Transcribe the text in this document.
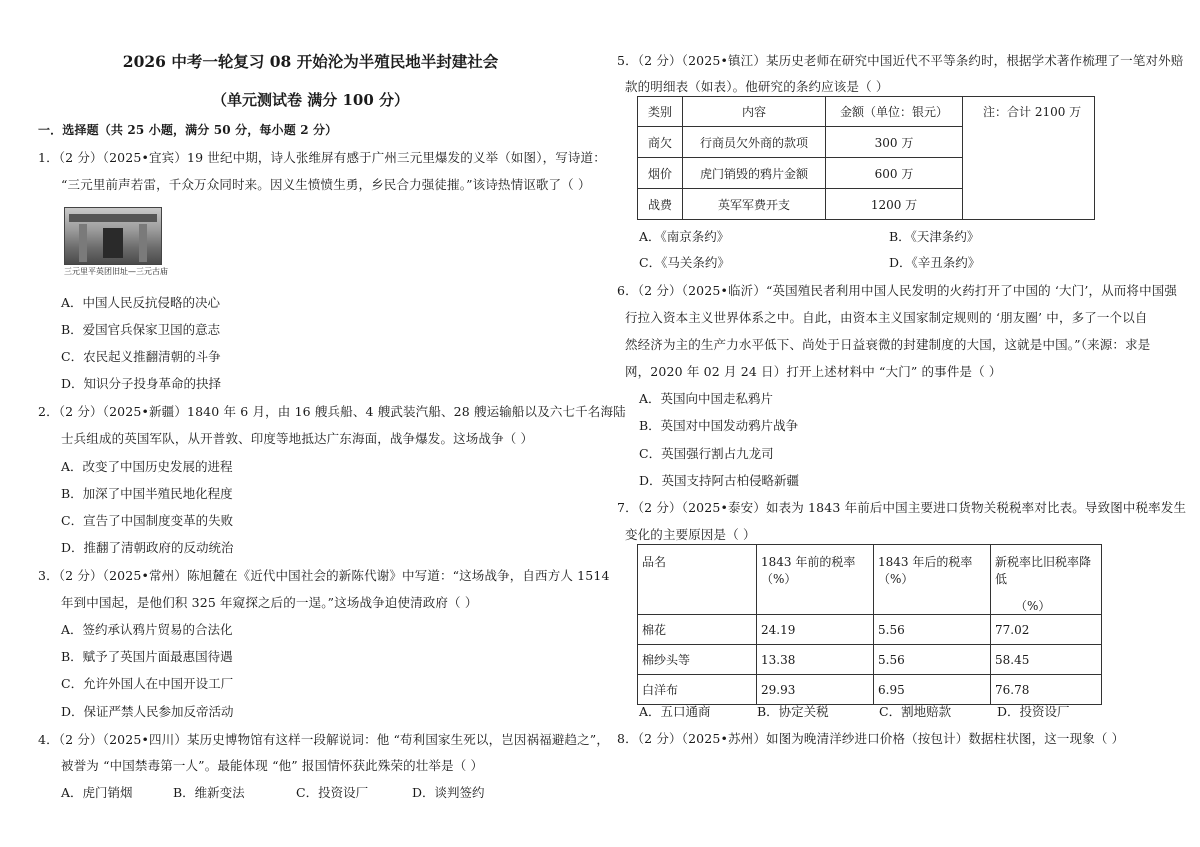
2026 中考一轮复习 08 开始沦为半殖民地半封建社会
（单元测试卷 满分 100 分）
一．选择题（共 25 小题，满分 50 分，每小题 2 分）
1．（2 分）（2025•宜宾）19 世纪中期，诗人张维屏有感于广州三元里爆发的义举（如图），写诗道：
“三元里前声若雷，千众万众同时来。因义生愤愤生勇，乡民合力强徒摧。”该诗热情讴歌了（ ）
三元里平英团旧址—三元古庙
A．中国人民反抗侵略的决心
B．爱国官兵保家卫国的意志
C．农民起义推翻清朝的斗争
D．知识分子投身革命的抉择
2．（2 分）（2025•新疆）1840 年 6 月，由 16 艘兵船、4 艘武装汽船、28 艘运输船以及六七千名海陆
士兵组成的英国军队，从开普敦、印度等地抵达广东海面，战争爆发。这场战争（ ）
A．改变了中国历史发展的进程
B．加深了中国半殖民地化程度
C．宣告了中国制度变革的失败
D．推翻了清朝政府的反动统治
3．（2 分）（2025•常州）陈旭麓在《近代中国社会的新陈代谢》中写道：“这场战争，自西方人 1514
年到中国起，是他们积 325 年窥探之后的一逞。”这场战争迫使清政府（ ）
A．签约承认鸦片贸易的合法化
B．赋予了英国片面最惠国待遇
C．允许外国人在中国开设工厂
D．保证严禁人民参加反帝活动
4．（2 分）（2025•四川）某历史博物馆有这样一段解说词：他 “苟利国家生死以，岂因祸福避趋之”，
被誉为 “中国禁毒第一人”。最能体现 “他” 报国情怀获此殊荣的壮举是（ ）
A．虎门销烟	B．维新变法	C．投资设厂	D．谈判签约
5．（2 分）（2025•镇江）某历史老师在研究中国近代不平等条约时，根据学术著作梳理了一笔对外赔
款的明细表（如表）。他研究的条约应该是（ ）
类别	内容	金额（单位：银元）	注：合计 2100 万
商欠	行商员欠外商的款项	300 万	
烟价	虎门销毁的鸦片金额	600 万	
战费	英军军费开支	1200 万	
A．《南京条约》	B．《天津条约》
C．《马关条约》	D．《辛丑条约》
6．（2 分）（2025•临沂）“英国殖民者利用中国人民发明的火药打开了中国的 ‘大门’，从而将中国强
行拉入资本主义世界体系之中。自此，由资本主义国家制定规则的 ‘朋友圈’ 中，多了一个以自
然经济为主的生产力水平低下、尚处于日益衰微的封建制度的大国，这就是中国。”（来源：求是
网，2020 年 02 月 24 日）打开上述材料中 “大门” 的事件是（ ）
A．英国向中国走私鸦片
B．英国对中国发动鸦片战争
C．英国强行割占九龙司
D．英国支持阿古柏侵略新疆
7．（2 分）（2025•泰安）如表为 1843 年前后中国主要进口货物关税税率对比表。导致图中税率发生
变化的主要原因是（ ）
品名	1843 年前的税率（%）	1843 年后的税率（%）	新税率比旧税率降低
（%）

棉花	24.19	5.56	77.02
棉纱头等	13.38	5.56	58.45
白洋布	29.93	6.95	76.78
A．五口通商	B．协定关税	C．割地赔款	D．投资设厂
8．（2 分）（2025•苏州）如图为晚清洋纱进口价格（按包计）数据柱状图，这一现象（ ）
